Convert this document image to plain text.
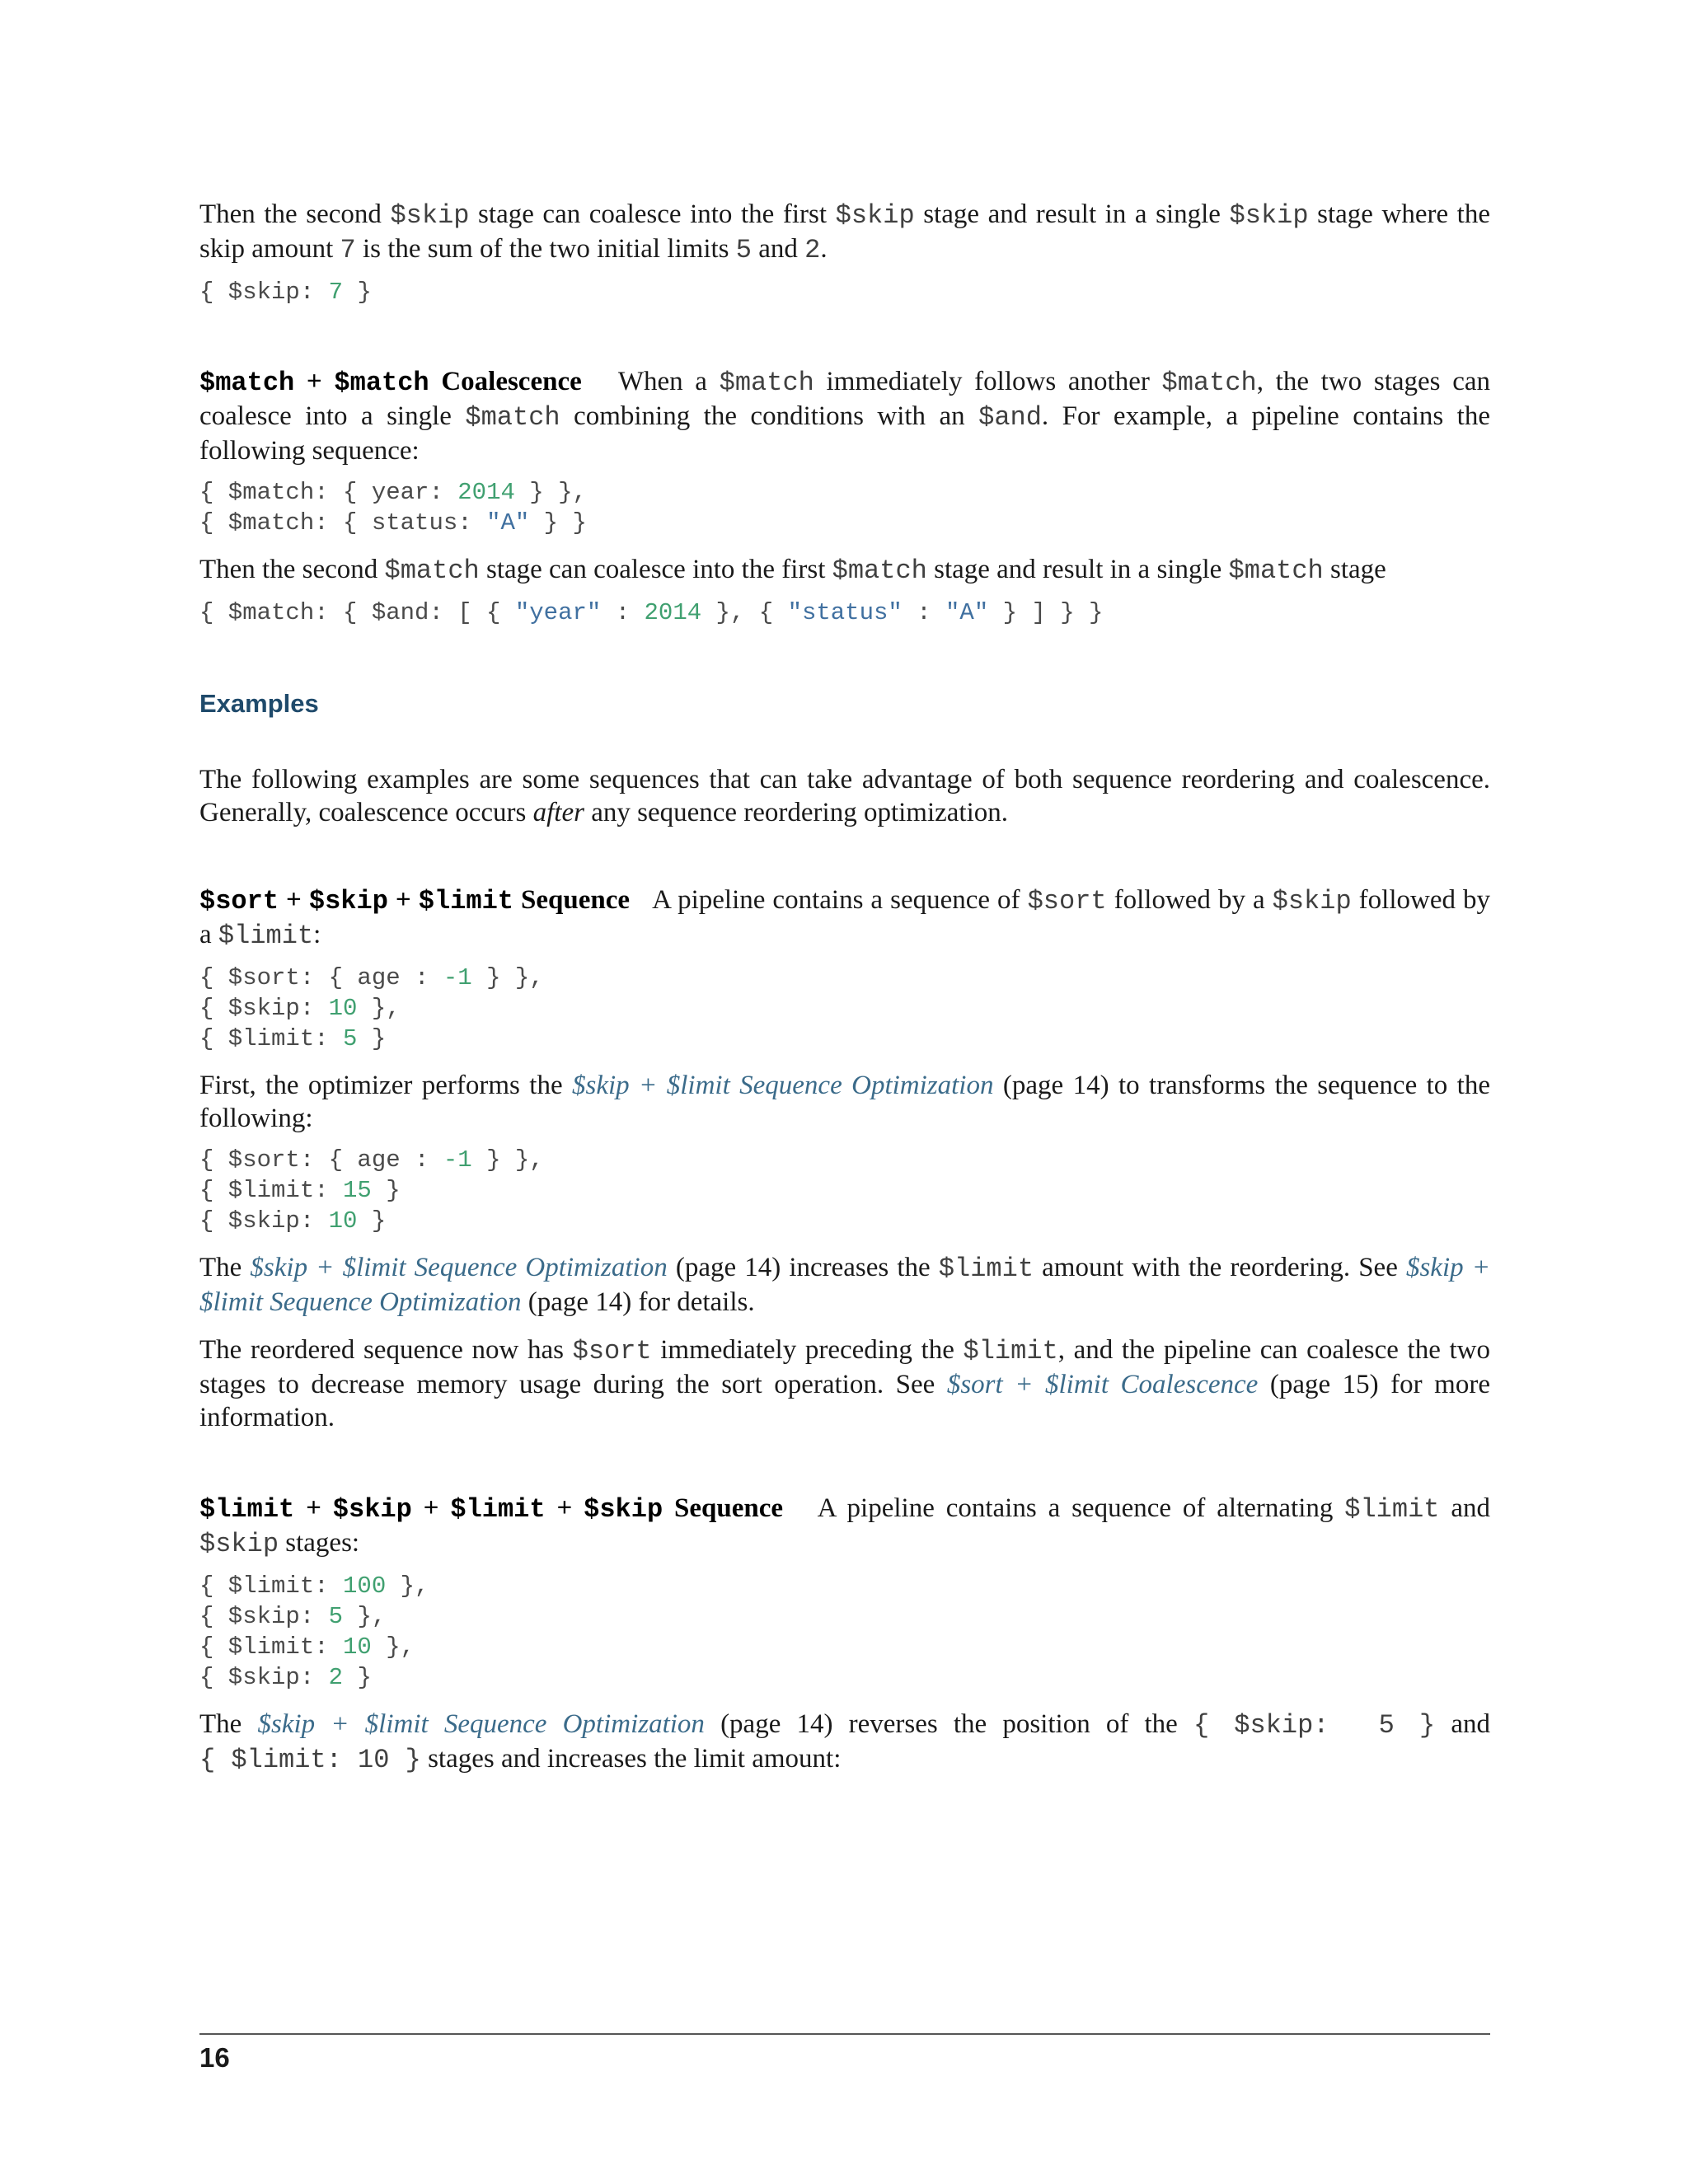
Then the second $skip stage can coalesce into the first $skip stage and result in a single $skip stage where the skip amount 7 is the sum of the two initial limits 5 and 2.

{ $skip: 7 }

$match + $match Coalescence When a $match immediately follows another $match, the two stages can coalesce into a single $match combining the conditions with an $and. For example, a pipeline contains the following sequence:

{ $match: { year: 2014 } },
{ $match: { status: "A" } }

Then the second $match stage can coalesce into the first $match stage and result in a single $match stage

{ $match: { $and: [ { "year" : 2014 }, { "status" : "A" } ] } }
Examples

The following examples are some sequences that can take advantage of both sequence reordering and coalescence. Generally, coalescence occurs after any sequence reordering optimization.

$sort + $skip + $limit Sequence A pipeline contains a sequence of $sort followed by a $skip followed by a $limit:

{ $sort: { age : -1 } },
{ $skip: 10 },
{ $limit: 5 }

First, the optimizer performs the $skip + $limit Sequence Optimization (page 14) to transforms the sequence to the following:

{ $sort: { age : -1 } },
{ $limit: 15 }
{ $skip: 10 }

The $skip + $limit Sequence Optimization (page 14) increases the $limit amount with the reordering. See $skip + $limit Sequence Optimization (page 14) for details.

The reordered sequence now has $sort immediately preceding the $limit, and the pipeline can coalesce the two stages to decrease memory usage during the sort operation. See $sort + $limit Coalescence (page 15) for more information.

$limit + $skip + $limit + $skip Sequence A pipeline contains a sequence of alternating $limit and $skip stages:

{ $limit: 100 },
{ $skip: 5 },
{ $limit: 10 },
{ $skip: 2 }

The $skip + $limit Sequence Optimization (page 14) reverses the position of the { $skip:  5 } and { $limit: 10 } stages and increases the limit amount:

16
